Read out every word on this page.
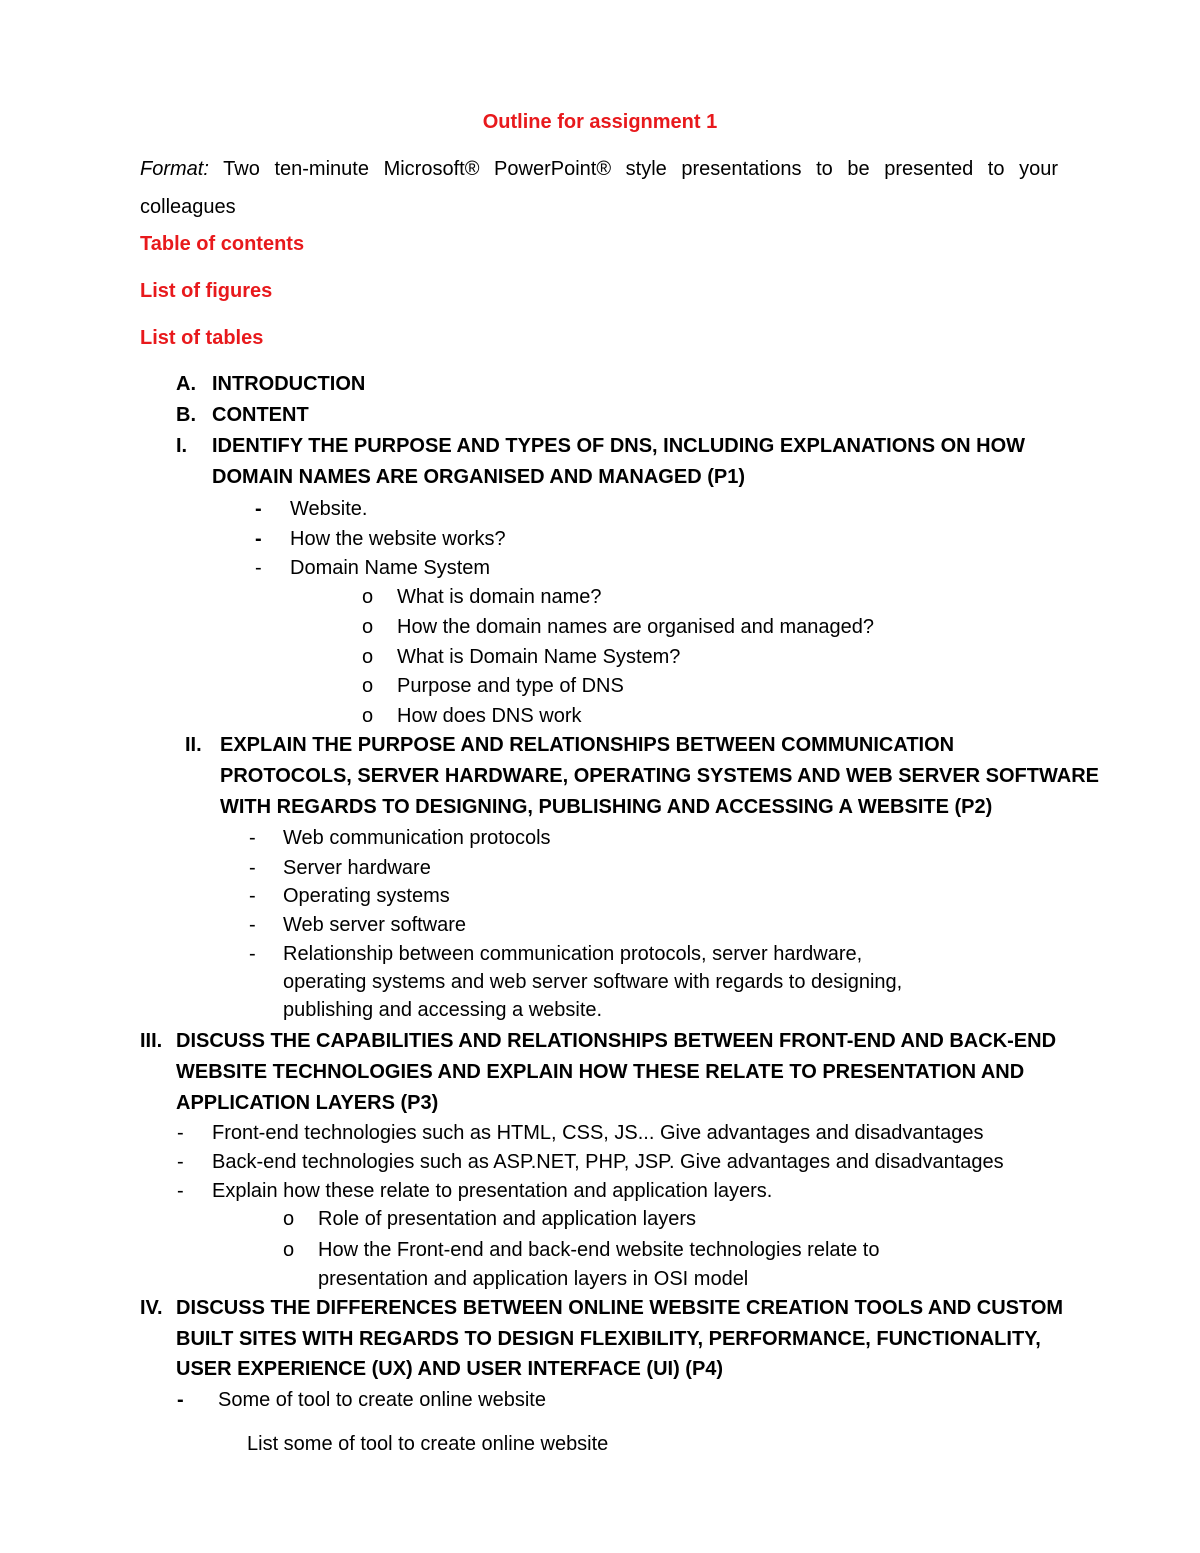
Outline for assignment 1
Format: Two ten-minute Microsoft® PowerPoint® style presentations to be presented to your
colleagues
Table of contents
List of figures
List of tables
A. INTRODUCTION
B. CONTENT
I. IDENTIFY THE PURPOSE AND TYPES OF DNS, INCLUDING EXPLANATIONS ON HOW
DOMAIN NAMES ARE ORGANISED AND MANAGED (P1)
- Website.
- How the website works?
- Domain Name System
o What is domain name?
o How the domain names are organised and managed?
o What is Domain Name System?
o Purpose and type of DNS
o How does DNS work
II. EXPLAIN THE PURPOSE AND RELATIONSHIPS BETWEEN COMMUNICATION
PROTOCOLS, SERVER HARDWARE, OPERATING SYSTEMS AND WEB SERVER SOFTWARE
WITH REGARDS TO DESIGNING, PUBLISHING AND ACCESSING A WEBSITE (P2)
- Web communication protocols
- Server hardware
- Operating systems
- Web server software
- Relationship between communication protocols, server hardware,
operating systems and web server software with regards to designing,
publishing and accessing a website.
III. DISCUSS THE CAPABILITIES AND RELATIONSHIPS BETWEEN FRONT-END AND BACK-END
WEBSITE TECHNOLOGIES AND EXPLAIN HOW THESE RELATE TO PRESENTATION AND
APPLICATION LAYERS (P3)
- Front-end technologies such as HTML, CSS, JS... Give advantages and disadvantages
- Back-end technologies such as ASP.NET, PHP, JSP. Give advantages and disadvantages
- Explain how these relate to presentation and application layers.
o Role of presentation and application layers
o How the Front-end and back-end website technologies relate to
presentation and application layers in OSI model
IV. DISCUSS THE DIFFERENCES BETWEEN ONLINE WEBSITE CREATION TOOLS AND CUSTOM
BUILT SITES WITH REGARDS TO DESIGN FLEXIBILITY, PERFORMANCE, FUNCTIONALITY,
USER EXPERIENCE (UX) AND USER INTERFACE (UI) (P4)
- Some of tool to create online website
List some of tool to create online website
